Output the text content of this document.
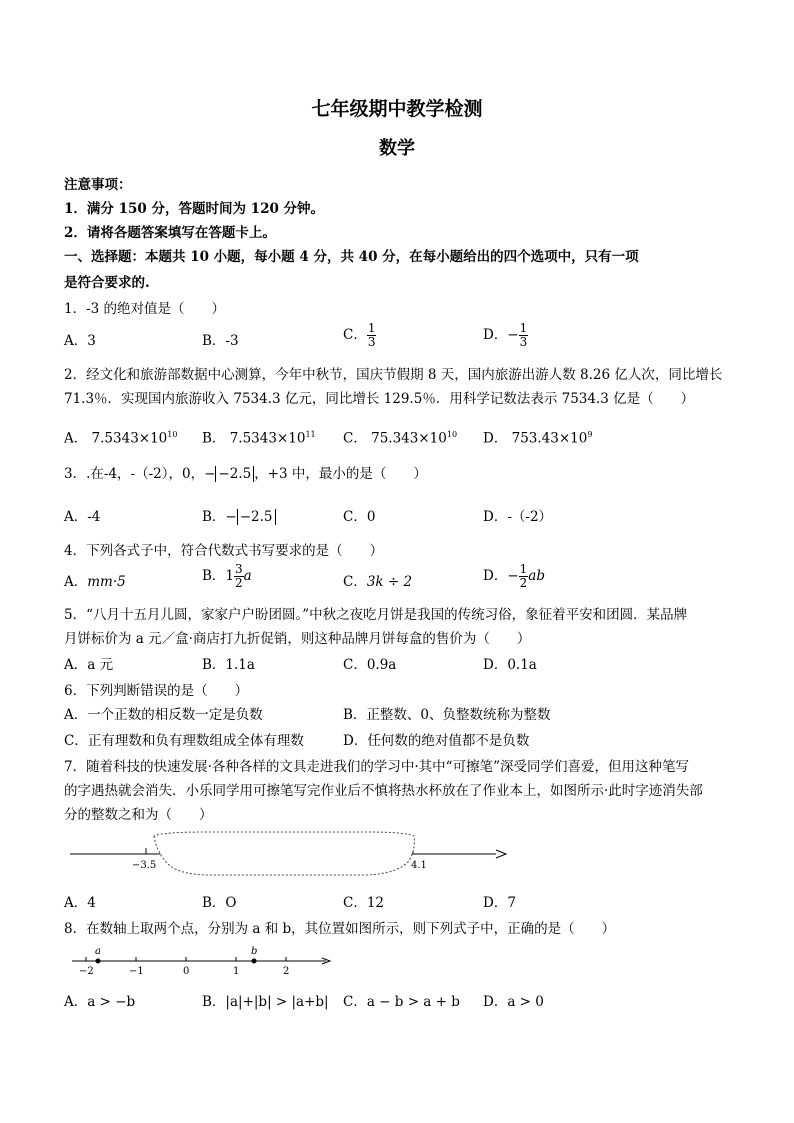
七年级期中教学检测
数学
注意事项：
1．满分 150 分，答题时间为 120 分钟。
2．请将各题答案填写在答题卡上。
一、选择题：本题共 10 小题，每小题 4 分，共 40 分，在每小题给出的四个选项中，只有一项
是符合要求的.
1．-3 的绝对值是（　　）
A．3	B．-3	C． $\frac{1}{3}$	D．− $\frac{1}{3}$
2．经文化和旅游部数据中心测算，今年中秋节，国庆节假期 8 天，国内旅游出游人数 8.26 亿人次，同比增长
71.3％．实现国内旅游收入 7534.3 亿元，同比增长 129.5％．用科学记数法表示 7534.3 亿是（　　）
A． $7.5343\times 10^{10}$ B． $7.5343\times 10^{11}$ C． $75.343\times 10^{10}$ D． $753.43\times 10^9$
3．.在-4，-（-2），0，− −2.5 ，+3 中，最小的是（　　）
A．-4	B．− −2.5	C．0	D．-（-2）
4．下列各式子中，符合代数式书写要求的是（　　）
A．mm·5	B．$1 \frac{3}{2}$ a	C．3k ÷ 2	D．− $\frac{1}{2}$ ab
5．“八月十五月儿圆，家家户户盼团圆。”中秋之夜吃月饼是我国的传统习俗，象征着平安和团圆．某品牌
月饼标价为 a 元／盒·商店打九折促销，则这种品牌月饼每盒的售价为（　　）
A．a 元	B．1.1a	C．0.9a	D．0.1a
6．下列判断错误的是（　　）
A．一个正数的相反数一定是负数	B．正整数、0、负整数统称为整数
C．正有理数和负有理数组成全体有理数	D．任何数的绝对值都不是负数
7．随着科技的快速发展·各种各样的文具走进我们的学习中·其中“可擦笔”深受同学们喜爱，但用这种笔写
的字遇热就会消失．小乐同学用可擦笔写完作业后不慎将热水杯放在了作业本上，如图所示·此时字迹消失部
分的整数之和为（　　）
−3.5	4.1
A．4	B．O	C．12	D．7
8．在数轴上取两个点，分别为 a 和 b，其位置如图所示，则下列式子中，正确的是（　　）
a	b
−2	−1	0	1	2
A．a > −b	B．|a|+|b| > |a+b| C．a − b > a + b D．a > 0
